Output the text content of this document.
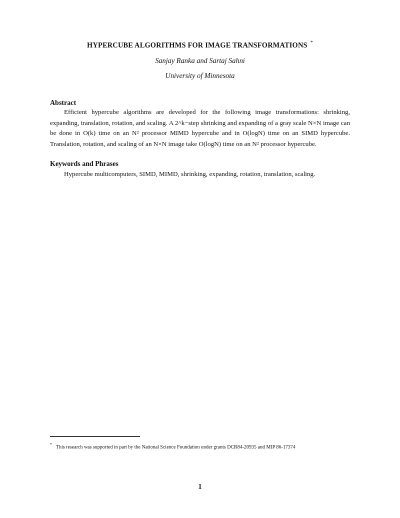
HYPERCUBE ALGORITHMS FOR IMAGE TRANSFORMATIONS *
Sanjay Ranka and Sartaj Sahni
University of Minnesota
Abstract
Efficient hypercube algorithms are developed for the following image transformations: shrinking, expanding, translation, rotation, and scaling. A 2^k−step shrinking and expanding of a gray scale N×N image can be done in O(k) time on an N² processor MIMD hypercube and in O(logN) time on an SIMD hypercube. Translation, rotation, and scaling of an N×N image take O(logN) time on an N² processor hypercube.
Keywords and Phrases
Hypercube multicomputers, SIMD, MIMD, shrinking, expanding, rotation, translation, scaling.
*This research was supported in part by the National Science Foundation under grants DCR84-20935 and MIP 86-17374
1
